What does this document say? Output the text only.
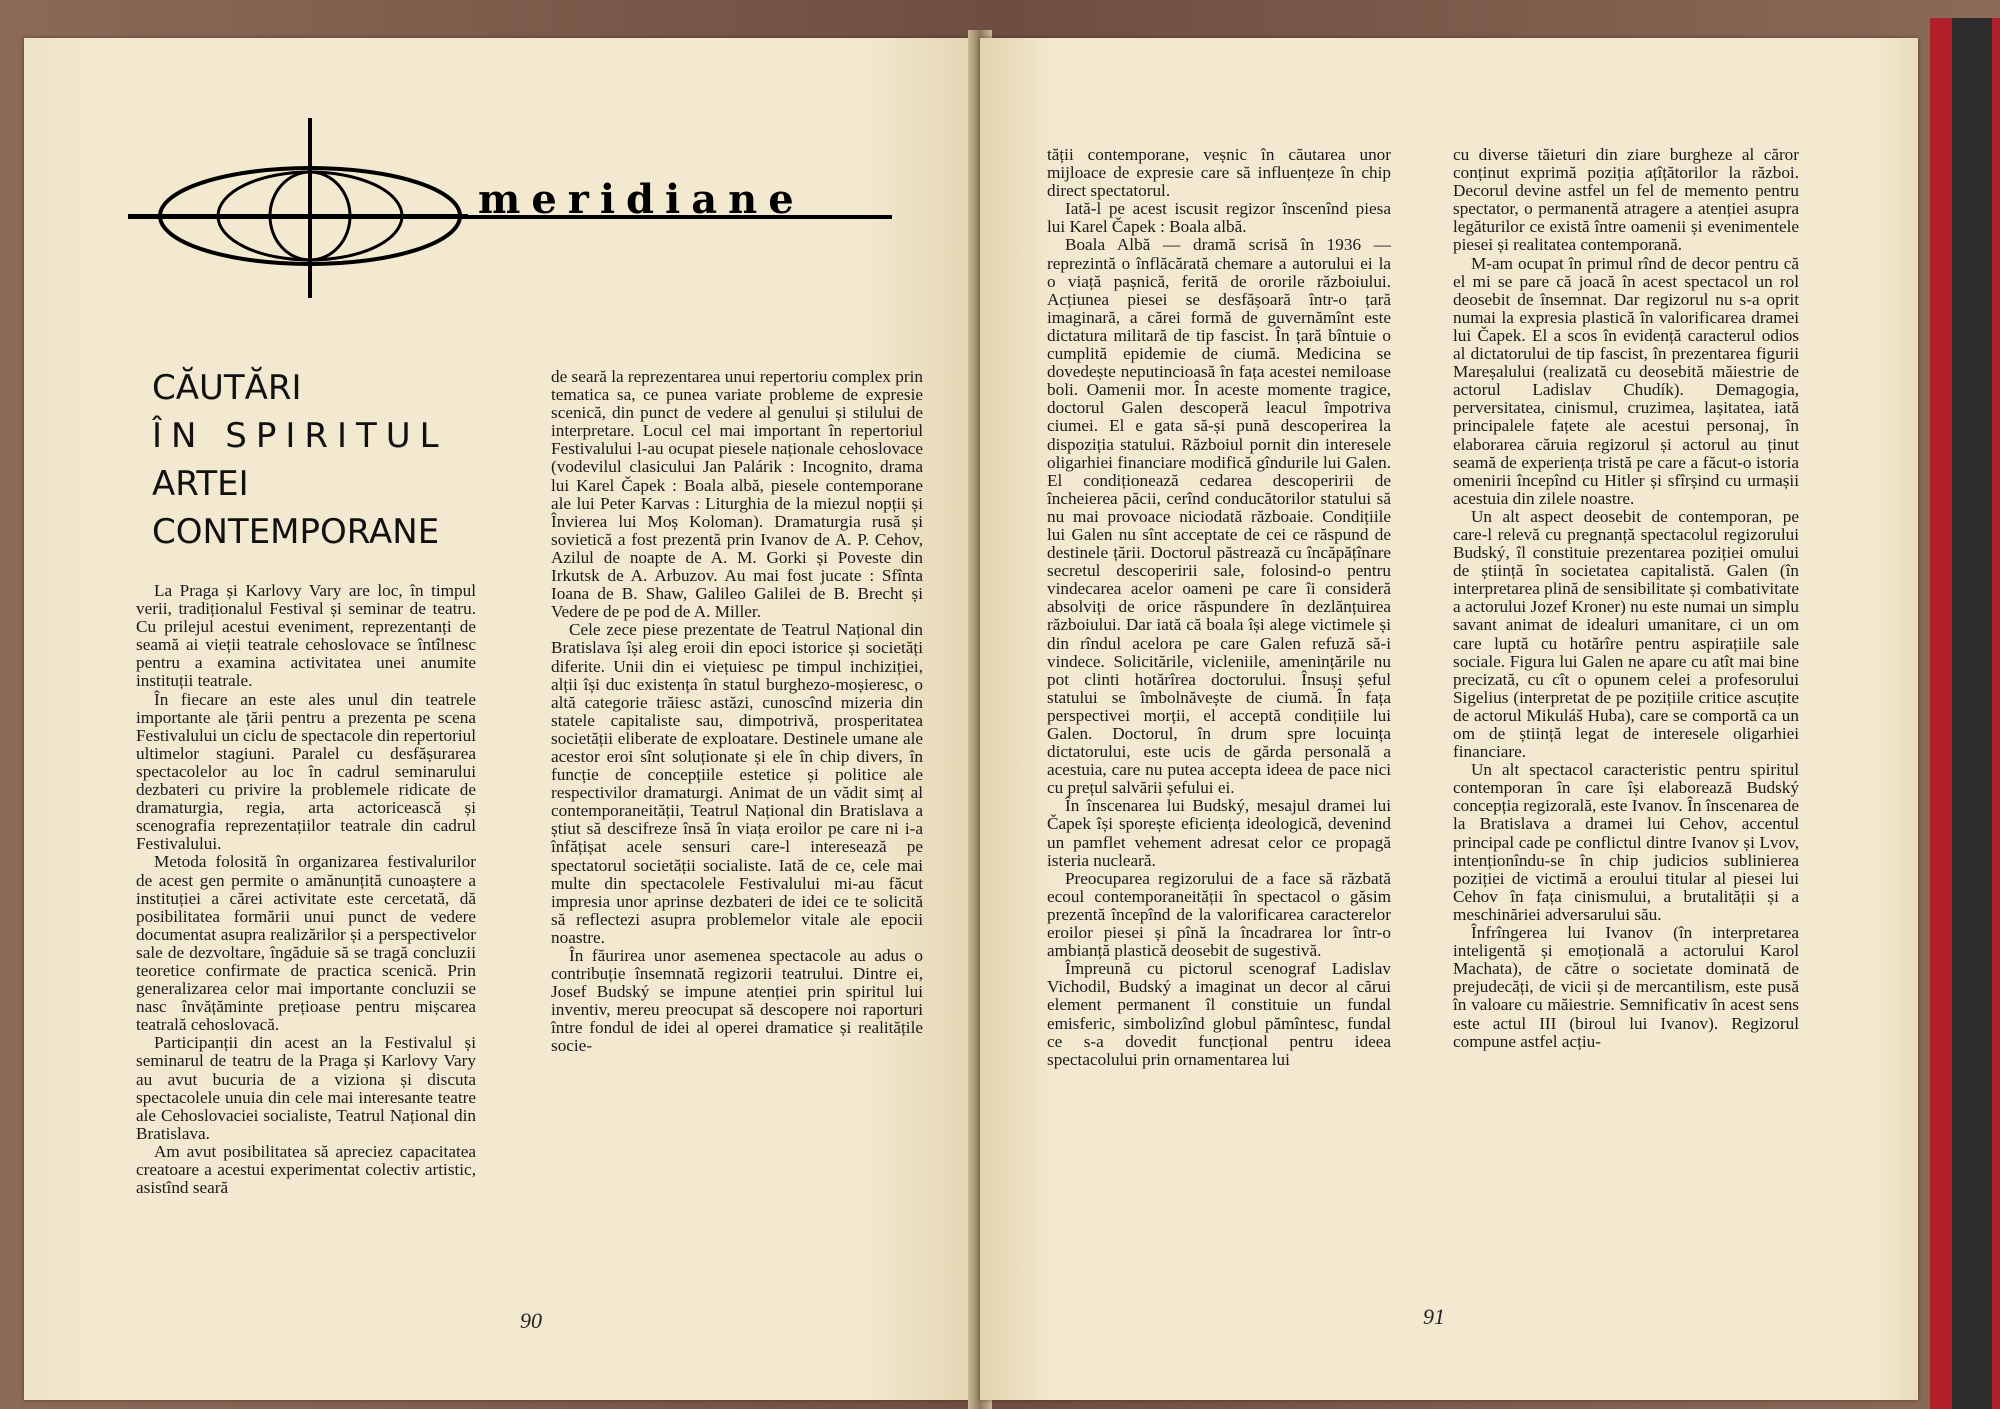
meridiane
CĂUTĂRI
ÎN SPIRITUL
ARTEI
CONTEMPORANE

La Praga și Karlovy Vary are loc, în timpul verii, tradiționalul Festival și seminar de teatru. Cu prilejul acestui eveniment, reprezentanți de seamă ai vieții teatrale cehoslovace se întîlnesc pentru a examina activitatea unei anumite instituții teatrale.

În fiecare an este ales unul din teatrele importante ale țării pentru a prezenta pe scena Festivalului un ciclu de spectacole din repertoriul ultimelor stagiuni. Paralel cu desfășurarea spectacolelor au loc în cadrul seminarului dezbateri cu privire la problemele ridicate de dramaturgia, regia, arta actoricească și scenografia reprezentațiilor teatrale din cadrul Festivalului.

Metoda folosită în organizarea festivalurilor de acest gen permite o amănunțită cunoaștere a instituției a cărei activitate este cercetată, dă posibilitatea formării unui punct de vedere documentat asupra realizărilor și a perspectivelor sale de dezvoltare, îngăduie să se tragă concluzii teoretice confirmate de practica scenică. Prin generalizarea celor mai importante concluzii se nasc învățăminte prețioase pentru mișcarea teatrală cehoslovacă.

Participanții din acest an la Festivalul și seminarul de teatru de la Praga și Karlovy Vary au avut bucuria de a viziona și discuta spectacolele unuia din cele mai interesante teatre ale Cehoslovaciei socialiste, Teatrul Național din Bratislava.

Am avut posibilitatea să apreciez capacitatea creatoare a acestui experimentat colectiv artistic, asistînd seară

de seară la reprezentarea unui repertoriu complex prin tematica sa, ce punea variate probleme de expresie scenică, din punct de vedere al genului și stilului de interpretare. Locul cel mai important în repertoriul Festivalului l-au ocupat piesele naționale cehoslovace (vodevilul clasicului Jan Palárik : Incognito, drama lui Karel Čapek : Boala albă, piesele contemporane ale lui Peter Karvas : Liturghia de la miezul nopții și Învierea lui Moș Koloman). Dramaturgia rusă și sovietică a fost prezentă prin Ivanov de A. P. Cehov, Azilul de noapte de A. M. Gorki și Poveste din Irkutsk de A. Arbuzov. Au mai fost jucate : Sfînta Ioana de B. Shaw, Galileo Galilei de B. Brecht și Vedere de pe pod de A. Miller.

Cele zece piese prezentate de Teatrul Național din Bratislava își aleg eroii din epoci istorice și societăți diferite. Unii din ei viețuiesc pe timpul inchiziției, alții își duc existența în statul burghezo-moșieresc, o altă categorie trăiesc astăzi, cunoscînd mizeria din statele capitaliste sau, dimpotrivă, prosperitatea societății eliberate de exploatare. Destinele umane ale acestor eroi sînt soluționate și ele în chip divers, în funcție de concepțiile estetice și politice ale respectivilor dramaturgi. Animat de un vădit simț al contemporaneității, Teatrul Național din Bratislava a știut să descifreze însă în viața eroilor pe care ni i-a înfățișat acele sensuri care-l interesează pe spectatorul societății socialiste. Iată de ce, cele mai multe din spectacolele Festivalului mi-au făcut impresia unor aprinse dezbateri de idei ce te solicită să reflectezi asupra problemelor vitale ale epocii noastre.

În făurirea unor asemenea spectacole au adus o contribuție însemnată regizorii teatrului. Dintre ei, Josef Budský se impune atenției prin spiritul lui inventiv, mereu preocupat să descopere noi raporturi între fondul de idei al operei dramatice și realitățile socie-

90

tății contemporane, veșnic în căutarea unor mijloace de expresie care să influențeze în chip direct spectatorul.

Iată-l pe acest iscusit regizor înscenînd piesa lui Karel Čapek : Boala albă.

Boala Albă — dramă scrisă în 1936 — reprezintă o înflăcărată chemare a autorului ei la o viață pașnică, ferită de ororile războiului. Acțiunea piesei se desfășoară într-o țară imaginară, a cărei formă de guvernămînt este dictatura militară de tip fascist. În țară bîntuie o cumplită epidemie de ciumă. Medicina se dovedește neputincioasă în fața acestei nemiloase boli. Oamenii mor. În aceste momente tragice, doctorul Galen descoperă leacul împotriva ciumei. El e gata să-și pună descoperirea la dispoziția statului. Războiul pornit din interesele oligarhiei financiare modifică gîndurile lui Galen. El condiționează cedarea descoperirii de încheierea păcii, cerînd conducătorilor statului să nu mai provoace niciodată războaie. Condițiile lui Galen nu sînt acceptate de cei ce răspund de destinele țării. Doctorul păstrează cu încăpățînare secretul descoperirii sale, folosind-o pentru vindecarea acelor oameni pe care îi consideră absolviți de orice răspundere în dezlănțuirea războiului. Dar iată că boala își alege victimele și din rîndul acelora pe care Galen refuză să-i vindece. Solicitările, vicleniile, amenințările nu pot clinti hotărîrea doctorului. Însuși șeful statului se îmbolnăvește de ciumă. În fața perspectivei morții, el acceptă condițiile lui Galen. Doctorul, în drum spre locuința dictatorului, este ucis de gărda personală a acestuia, care nu putea accepta ideea de pace nici cu prețul salvării șefului ei.

În înscenarea lui Budský, mesajul dramei lui Čapek își sporește eficiența ideologică, devenind un pamflet vehement adresat celor ce propagă isteria nucleară.

Preocuparea regizorului de a face să răzbată ecoul contemporaneității în spectacol o găsim prezentă începînd de la valorificarea caracterelor eroilor piesei și pînă la încadrarea lor într-o ambianță plastică deosebit de sugestivă.

Împreună cu pictorul scenograf Ladislav Vichodil, Budský a imaginat un decor al cărui element permanent îl constituie un fundal emisferic, simbolizînd globul pămîntesc, fundal ce s-a dovedit funcțional pentru ideea spectacolului prin ornamentarea lui

cu diverse tăieturi din ziare burgheze al căror conținut exprimă poziția ațîțătorilor la război. Decorul devine astfel un fel de memento pentru spectator, o permanentă atragere a atenției asupra legăturilor ce există între oamenii și evenimentele piesei și realitatea contemporană.

M-am ocupat în primul rînd de decor pentru că el mi se pare că joacă în acest spectacol un rol deosebit de însemnat. Dar regizorul nu s-a oprit numai la expresia plastică în valorificarea dramei lui Čapek. El a scos în evidență caracterul odios al dictatorului de tip fascist, în prezentarea figurii Mareșalului (realizată cu deosebită măiestrie de actorul Ladislav Chudík). Demagogia, perversitatea, cinismul, cruzimea, lașitatea, iată principalele fațete ale acestui personaj, în elaborarea căruia regizorul și actorul au ținut seamă de experiența tristă pe care a făcut-o istoria omenirii începînd cu Hitler și sfîrșind cu urmașii acestuia din zilele noastre.

Un alt aspect deosebit de contemporan, pe care-l relevă cu pregnanță spectacolul regizorului Budský, îl constituie prezentarea poziției omului de știință în societatea capitalistă. Galen (în interpretarea plină de sensibilitate și combativitate a actorului Jozef Kroner) nu este numai un simplu savant animat de idealuri umanitare, ci un om care luptă cu hotărîre pentru aspirațiile sale sociale. Figura lui Galen ne apare cu atît mai bine precizată, cu cît o opunem celei a profesorului Sigelius (interpretat de pe pozițiile critice ascuțite de actorul Mikuláš Huba), care se comportă ca un om de știință legat de interesele oligarhiei financiare.

Un alt spectacol caracteristic pentru spiritul contemporan în care își elaborează Budský concepția regizorală, este Ivanov. În înscenarea de la Bratislava a dramei lui Cehov, accentul principal cade pe conflictul dintre Ivanov și Lvov, intenționîndu-se în chip judicios sublinierea poziției de victimă a eroului titular al piesei lui Cehov în fața cinismului, a brutalității și a meschinăriei adversarului său.

Înfrîngerea lui Ivanov (în interpretarea inteligentă și emoțională a actorului Karol Machata), de către o societate dominată de prejudecăți, de vicii și de mercantilism, este pusă în valoare cu măiestrie. Semnificativ în acest sens este actul III (biroul lui Ivanov). Regizorul compune astfel acțiu-

91
